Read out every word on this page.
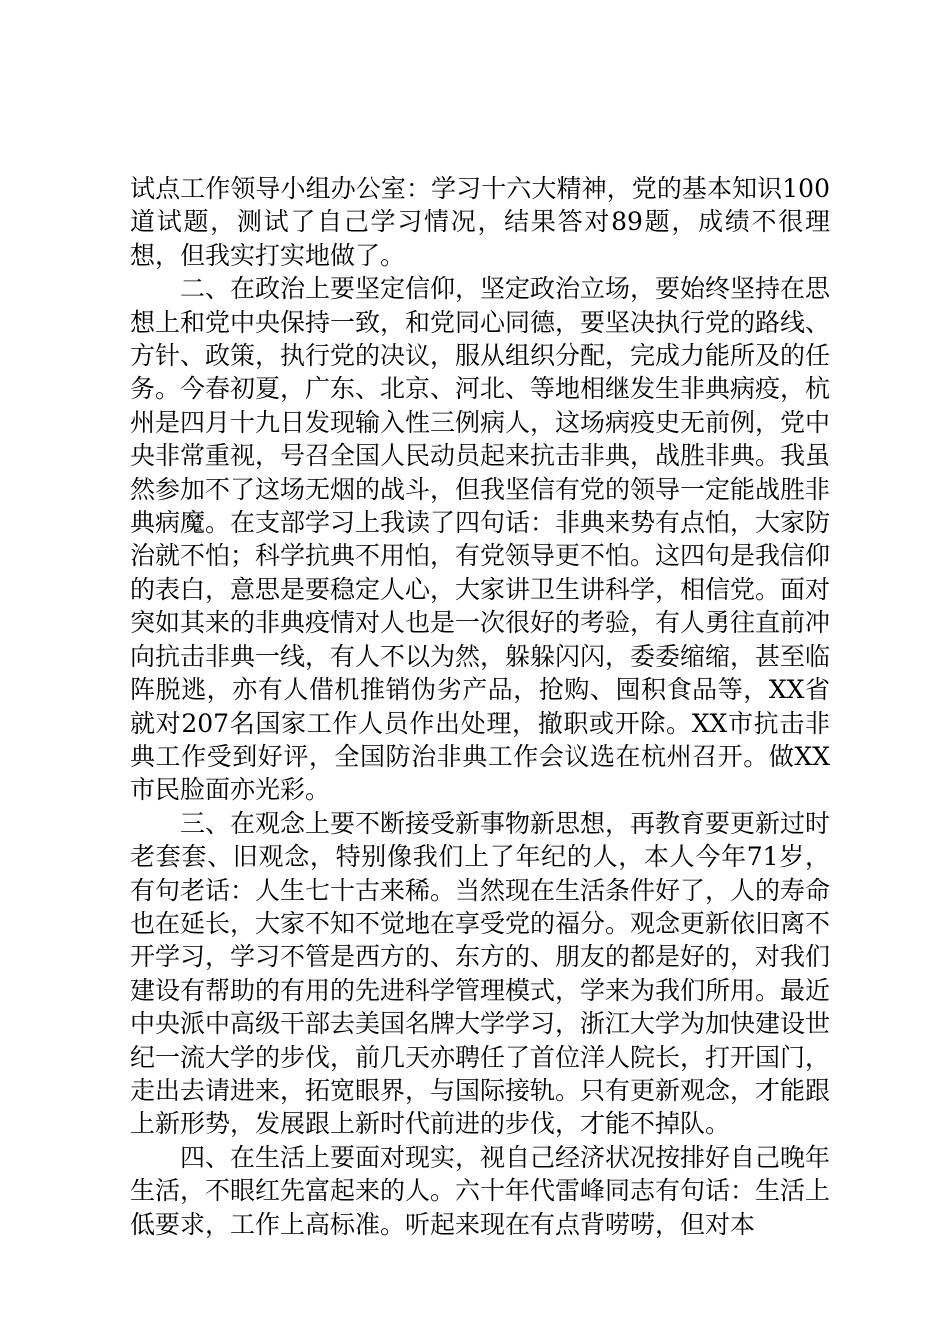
试点工作领导小组办公室：学习十六大精神，党的基本知识100道试题，测试了自己学习情况，结果答对89题，成绩不很理想，但我实打实地做了。

二、在政治上要坚定信仰，坚定政治立场，要始终坚持在思想上和党中央保持一致，和党同心同德，要坚决执行党的路线、方针、政策，执行党的决议，服从组织分配，完成力能所及的任务。今春初夏，广东、北京、河北、等地相继发生非典病疫，杭州是四月十九日发现输入性三例病人，这场病疫史无前例，党中央非常重视，号召全国人民动员起来抗击非典，战胜非典。我虽然参加不了这场无烟的战斗，但我坚信有党的领导一定能战胜非典病魔。在支部学习上我读了四句话：非典来势有点怕，大家防治就不怕；科学抗典不用怕，有党领导更不怕。这四句是我信仰的表白，意思是要稳定人心，大家讲卫生讲科学，相信党。面对突如其来的非典疫情对人也是一次很好的考验，有人勇往直前冲向抗击非典一线，有人不以为然，躲躲闪闪，委委缩缩，甚至临阵脱逃，亦有人借机推销伪劣产品，抢购、囤积食品等，XX省就对207名国家工作人员作出处理，撤职或开除。XX市抗击非典工作受到好评，全国防治非典工作会议选在杭州召开。做XX市民脸面亦光彩。

三、在观念上要不断接受新事物新思想，再教育要更新过时老套套、旧观念，特别像我们上了年纪的人，本人今年71岁，有句老话：人生七十古来稀。当然现在生活条件好了，人的寿命也在延长，大家不知不觉地在享受党的福分。观念更新依旧离不开学习，学习不管是西方的、东方的、朋友的都是好的，对我们建设有帮助的有用的先进科学管理模式，学来为我们所用。最近中央派中高级干部去美国名牌大学学习，浙江大学为加快建设世纪一流大学的步伐，前几天亦聘任了首位洋人院长，打开国门，走出去请进来，拓宽眼界，与国际接轨。只有更新观念，才能跟上新形势，发展跟上新时代前进的步伐，才能不掉队。

四、在生活上要面对现实，视自己经济状况按排好自己晚年生活，不眼红先富起来的人。六十年代雷峰同志有句话：生活上低要求，工作上高标准。听起来现在有点背唠唠，但对本
